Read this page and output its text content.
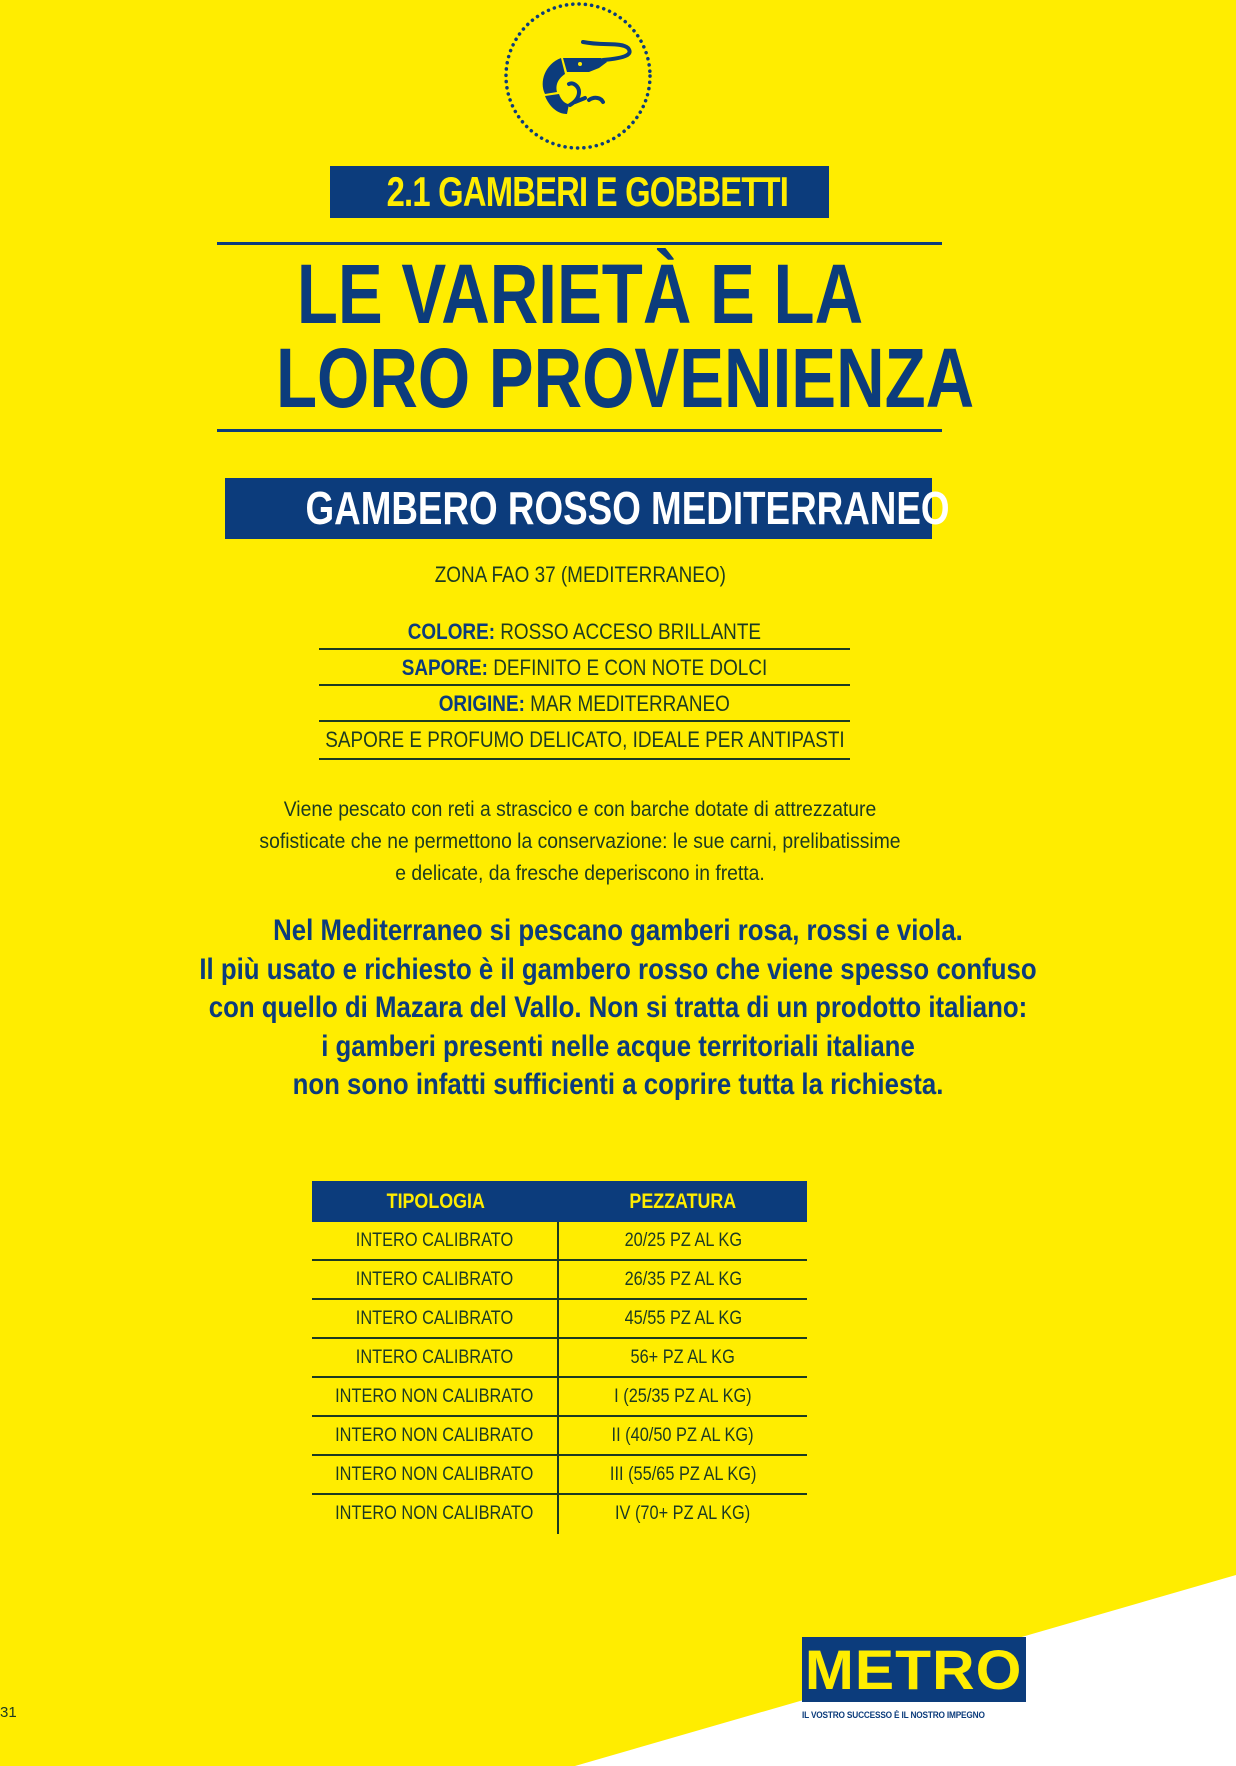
2.1 GAMBERI E GOBBETTI
LE VARIETÀ E LA
LORO PROVENIENZA
GAMBERO ROSSO MEDITERRANEO
ZONA FAO 37 (MEDITERRANEO)
COLORE: ROSSO ACCESO BRILLANTE
SAPORE: DEFINITO E CON NOTE DOLCI
ORIGINE: MAR MEDITERRANEO
SAPORE E PROFUMO DELICATO, IDEALE PER ANTIPASTI
Viene pescato con reti a strascico e con barche dotate di attrezzature
sofisticate che ne permettono la conservazione: le sue carni, prelibatissime
e delicate, da fresche deperiscono in fretta.
Nel Mediterraneo si pescano gamberi rosa, rossi e viola.
Il più usato e richiesto è il gambero rosso che viene spesso confuso
con quello di Mazara del Vallo. Non si tratta di un prodotto italiano:
i gamberi presenti nelle acque territoriali italiane
non sono infatti sufficienti a coprire tutta la richiesta.
TIPOLOGIA	PEZZATURA
INTERO CALIBRATO	20/25 PZ AL KG
INTERO CALIBRATO	26/35 PZ AL KG
INTERO CALIBRATO	45/55 PZ AL KG
INTERO CALIBRATO	56+ PZ AL KG
INTERO NON CALIBRATO	I (25/35 PZ AL KG)
INTERO NON CALIBRATO	II (40/50 PZ AL KG)
INTERO NON CALIBRATO	III (55/65 PZ AL KG)
INTERO NON CALIBRATO	IV (70+ PZ AL KG)
31
METRO
IL VOSTRO SUCCESSO È IL NOSTRO IMPEGNO
